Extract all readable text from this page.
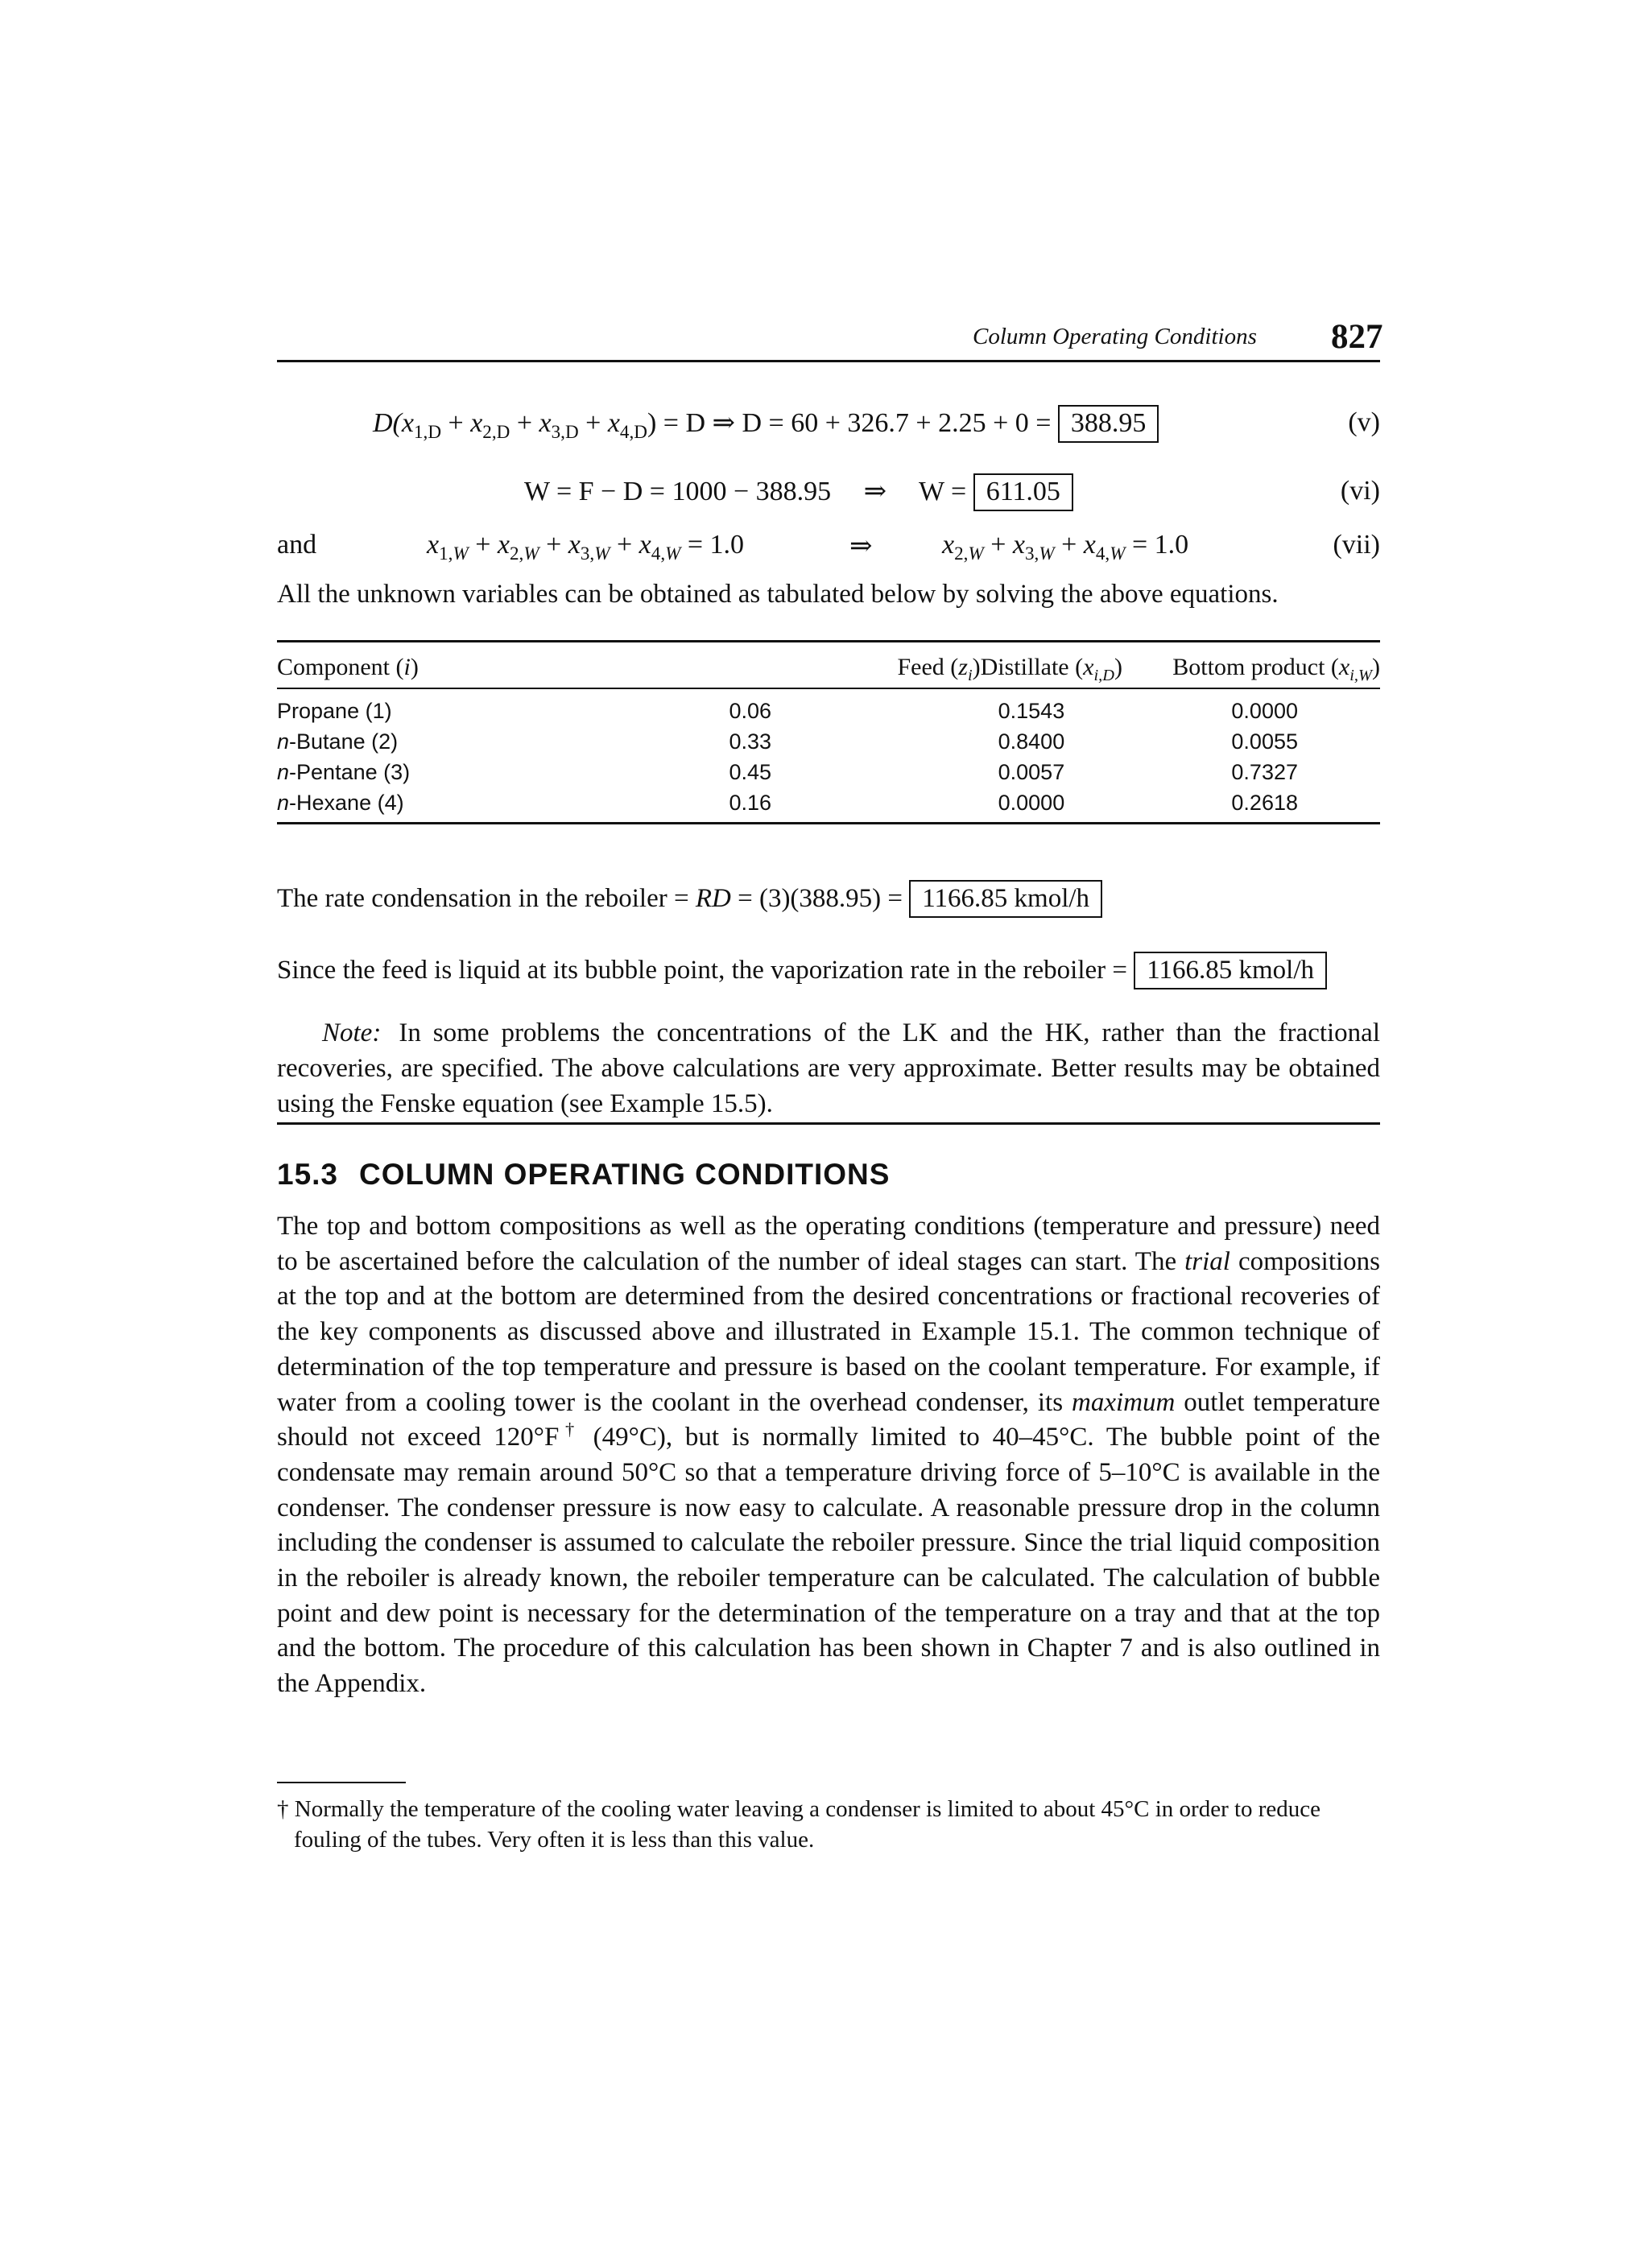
Column Operating Conditions 827
$D(x_{1,D} + x_{2,D} + x_{3,D} + x_{4,D}) = D$ ⇒ D = 60 + 326.7 + 2.25 + 0 = 388.95	(v)
W = F − D = 1000 − 388.95 ⇒ W = 611.05	(vi)
and	$x_{1,W} + x_{2,W} + x_{3,W} + x_{4,W} = 1.0$	⇒	$x_{2,W} + x_{3,W} + x_{4,W} = 1.0$	(vii)
All the unknown variables can be obtained as tabulated below by solving the above equations.
Component (i)	Feed $(z_i)$	Distillate $(x_{i,D})$	Bottom product $(x_{i,W})$
Propane (1)	0.06	0.1543	0.0000
n-Butane (2)	0.33	0.8400	0.0055
n-Pentane (3)	0.45	0.0057	0.7327
n-Hexane (4)	0.16	0.0000	0.2618
The rate condensation in the reboiler = RD = (3)(388.95) = 1166.85 kmol/h
Since the feed is liquid at its bubble point, the vaporization rate in the reboiler = 1166.85 kmol/h
Note: In some problems the concentrations of the LK and the HK, rather than the fractional recoveries, are specified. The above calculations are very approximate. Better results may be obtained using the Fenske equation (see Example 15.5).
15.3 COLUMN OPERATING CONDITIONS
The top and bottom compositions as well as the operating conditions (temperature and pressure) need to be ascertained before the calculation of the number of ideal stages can start. The trial compositions at the top and at the bottom are determined from the desired concentrations or fractional recoveries of the key components as discussed above and illustrated in Example 15.1. The common technique of determination of the top temperature and pressure is based on the coolant temperature. For example, if water from a cooling tower is the coolant in the overhead condenser, its maximum outlet temperature should not exceed 120°F† (49°C), but is normally limited to 40–45°C. The bubble point of the condensate may remain around 50°C so that a temperature driving force of 5–10°C is available in the condenser. The condenser pressure is now easy to calculate. A reasonable pressure drop in the column including the condenser is assumed to calculate the reboiler pressure. Since the trial liquid composition in the reboiler is already known, the reboiler temperature can be calculated. The calculation of bubble point and dew point is necessary for the determination of the temperature on a tray and that at the top and the bottom. The procedure of this calculation has been shown in Chapter 7 and is also outlined in the Appendix.
† Normally the temperature of the cooling water leaving a condenser is limited to about 45°C in order to reduce
fouling of the tubes. Very often it is less than this value.
